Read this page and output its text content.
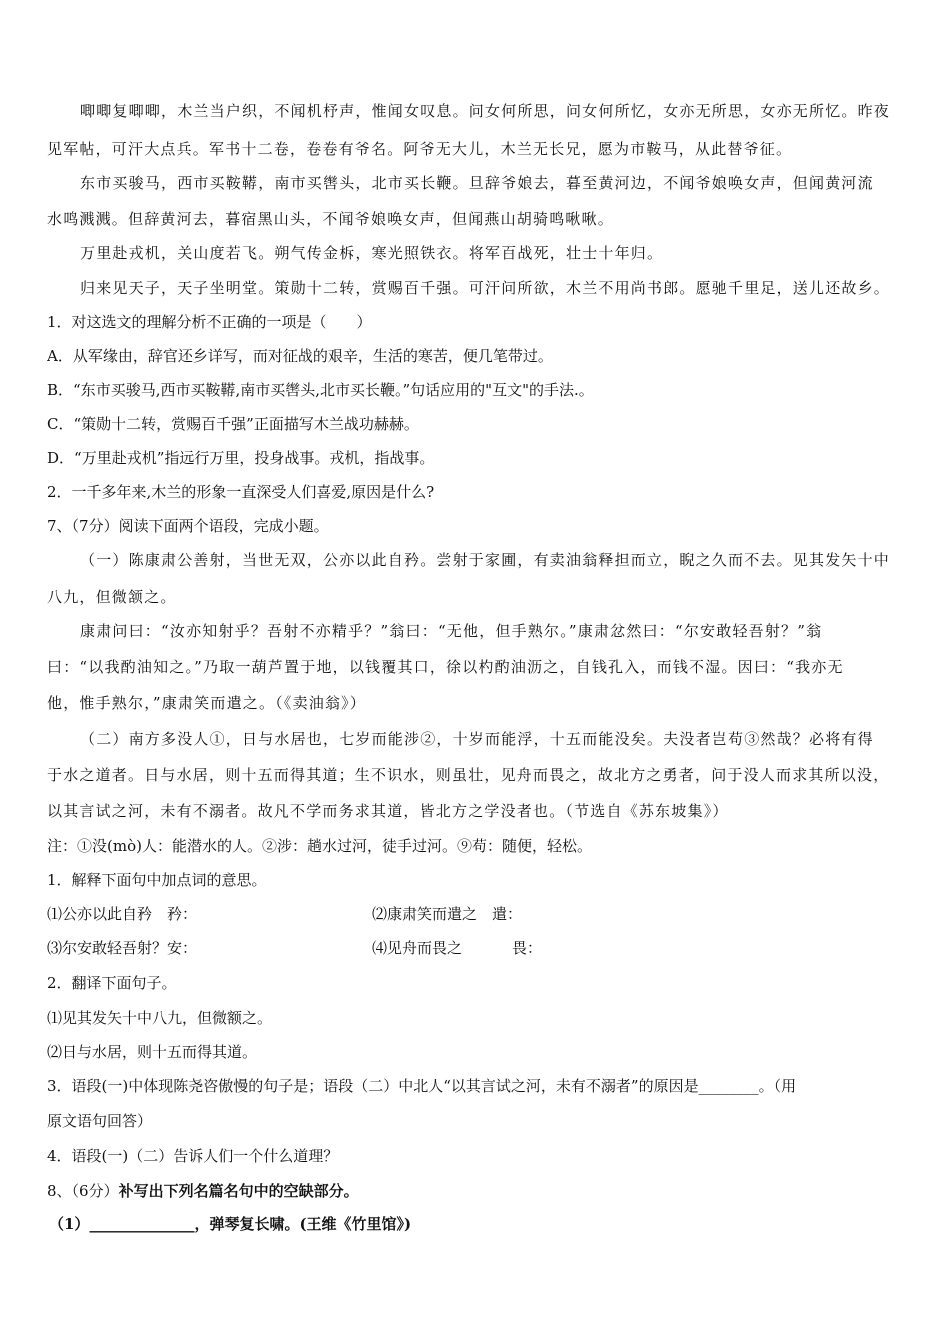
唧唧复唧唧，木兰当户织，不闻机杼声，惟闻女叹息。问女何所思，问女何所忆，女亦无所思，女亦无所忆。昨夜
见军帖，可汗大点兵。军书十二卷，卷卷有爷名。阿爷无大儿，木兰无长兄，愿为市鞍马，从此替爷征。
东市买骏马，西市买鞍鞯，南市买辔头，北市买长鞭。旦辞爷娘去，暮至黄河边，不闻爷娘唤女声，但闻黄河流
水鸣溅溅。但辞黄河去，暮宿黑山头，不闻爷娘唤女声，但闻燕山胡骑鸣啾啾。
万里赴戎机，关山度若飞。朔气传金柝，寒光照铁衣。将军百战死，壮士十年归。
归来见天子，天子坐明堂。策勋十二转，赏赐百千强。可汗问所欲，木兰不用尚书郎。愿驰千里足，送儿还故乡。
1．对这选文的理解分析不正确的一项是（　　）
A．从军缘由，辞官还乡详写，而对征战的艰辛，生活的寒苦，便几笔带过。
B．“东市买骏马,西市买鞍鞯,南市买辔头,北市买长鞭。”句话应用的"互文"的手法.。
C．“策勋十二转，赏赐百千强”正面描写木兰战功赫赫。
D．“万里赴戎机”指远行万里，投身战事。戎机，指战事。
2．一千多年来,木兰的形象一直深受人们喜爱,原因是什么?
7、（7分）阅读下面两个语段，完成小题。
（一）陈康肃公善射，当世无双，公亦以此自矜。尝射于家圃，有卖油翁释担而立，睨之久而不去。见其发矢十中
八九，但微颔之。
康肃问曰：“汝亦知射乎？吾射不亦精乎？”翁曰：“无他，但手熟尔。”康肃忿然曰：“尔安敢轻吾射？”翁
曰：“以我酌油知之。”乃取一葫芦置于地，以钱覆其口，徐以杓酌油沥之，自钱孔入，而钱不湿。因曰：“我亦无
他，惟手熟尔，”康肃笑而遣之。（《卖油翁》）
（二）南方多没人①，日与水居也，七岁而能涉②，十岁而能浮，十五而能没矣。夫没者岂苟③然哉？必将有得
于水之道者。日与水居，则十五而得其道；生不识水，则虽壮，见舟而畏之，故北方之勇者，问于没人而求其所以没，
以其言试之河，未有不溺者。故凡不学而务求其道，皆北方之学没者也。（节选自《苏东坡集》）
注：①没(mò)人：能潜水的人。②涉：趟水过河，徒手过河。⑨苟：随便，轻松。
1．解释下面句中加点词的意思。
⑴公亦以此自矜　矜：	⑵康肃笑而遣之　遣：
⑶尔安敢轻吾射？安：	⑷见舟而畏之	畏：
2．翻译下面句子。
⑴见其发矢十中八九，但微额之。
⑵日与水居，则十五而得其道。
3．语段(一)中体现陈尧咨傲慢的句子是；语段（二）中北人“以其言试之河，未有不溺者”的原因是________。（用
原文语句回答）
4．语段(一)（二）告诉人们一个什么道理？
8、（6分）补写出下列名篇名句中的空缺部分。
（1）______________，弹琴复长啸。(王维《竹里馆》)
